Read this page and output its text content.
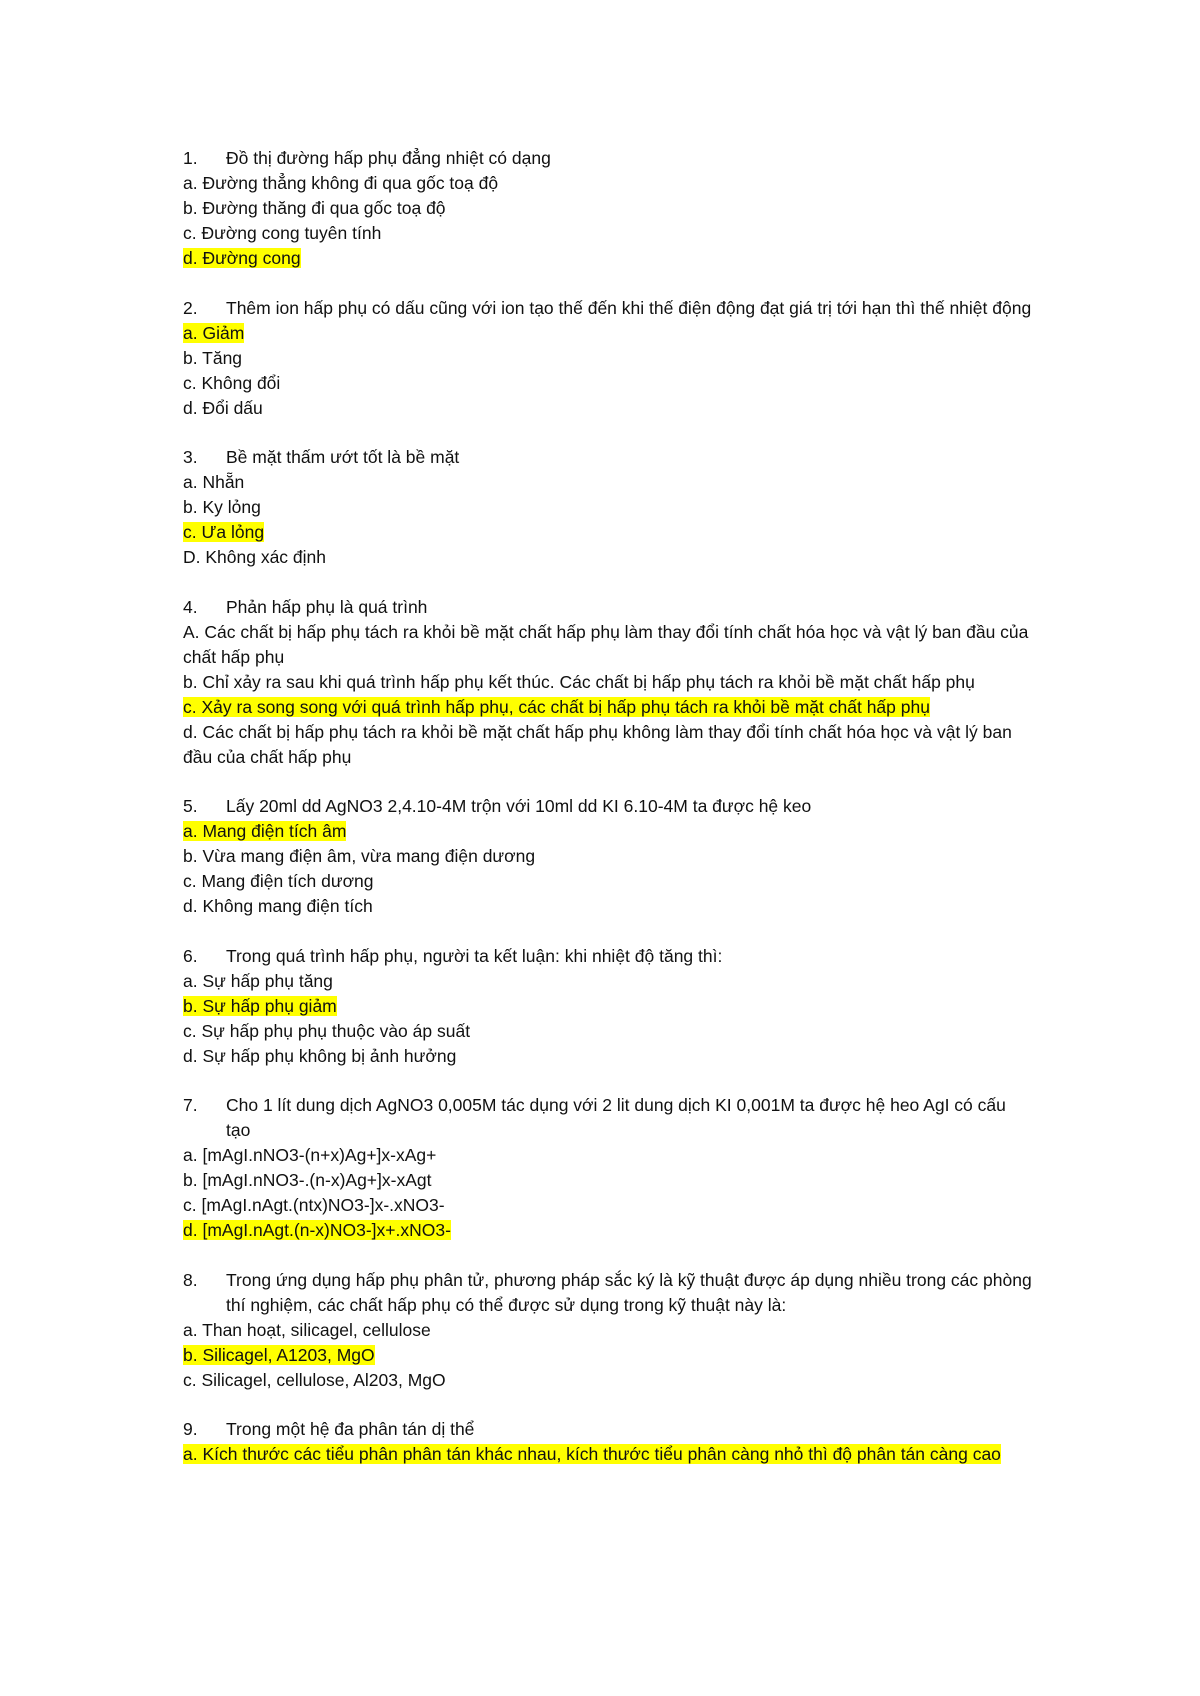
1.	Đồ thị đường hấp phụ đẳng nhiệt có dạng
a. Đường thẳng không đi qua gốc toạ độ
b. Đường thăng đi qua gốc toạ độ
c. Đường cong tuyên tính
d. Đường cong
2.	Thêm ion hấp phụ có dấu cũng với ion tạo thế đến khi thế điện động đạt giá trị tới hạn thì thế nhiệt động
a. Giảm
b. Tăng
c. Không đổi
d. Đổi dấu
3.	Bề mặt thấm ướt tốt là bề mặt
a. Nhẵn
b. Ky lỏng
c. Ưa lỏng
D. Không xác định
4.	Phản hấp phụ là quá trình
A. Các chất bị hấp phụ tách ra khỏi bề mặt chất hấp phụ làm thay đổi tính chất hóa học và vật lý ban đầu của chất hấp phụ
b. Chỉ xảy ra sau khi quá trình hấp phụ kết thúc. Các chất bị hấp phụ tách ra khỏi bề mặt chất hấp phụ
c. Xảy ra song song với quá trình hấp phụ, các chất bị hấp phụ tách ra khỏi bề mặt chất hấp phụ
d. Các chất bị hấp phụ tách ra khỏi bề mặt chất hấp phụ không làm thay đổi tính chất hóa học và vật lý ban đầu của chất hấp phụ
5.	Lấy 20ml dd AgNO3 2,4.10-4M trộn với 10ml dd KI 6.10-4M ta được hệ keo
a. Mang điện tích âm
b. Vừa mang điện âm, vừa mang điện dương
c. Mang điện tích dương
d. Không mang điện tích
6.	Trong quá trình hấp phụ, người ta kết luận: khi nhiệt độ tăng thì:
a. Sự hấp phụ tăng
b. Sự hấp phụ giảm
c. Sự hấp phụ phụ thuộc vào áp suất
d. Sự hấp phụ không bị ảnh hưởng
7.	Cho 1 lít dung dịch AgNO3 0,005M tác dụng với 2 lit dung dịch KI 0,001M ta được hệ heo AgI có cấu tạo
a. [mAgI.nNO3-(n+x)Ag+]x-xAg+
b. [mAgI.nNO3-.(n-x)Ag+]x-xAgt
c. [mAgI.nAgt.(ntx)NO3-]x-.xNO3-
d. [mAgI.nAgt.(n-x)NO3-]x+.xNO3-
8.	Trong ứng dụng hấp phụ phân tử, phương pháp sắc ký là kỹ thuật được áp dụng nhiều trong các phòng thí nghiệm, các chất hấp phụ có thể được sử dụng trong kỹ thuật này là:
a. Than hoạt, silicagel, cellulose
b. Silicagel, A1203, MgO
c. Silicagel, cellulose, Al203, MgO
9.	Trong một hệ đa phân tán dị thể
a. Kích thước các tiểu phân phân tán khác nhau, kích thước tiểu phân càng nhỏ thì độ phân tán càng cao
